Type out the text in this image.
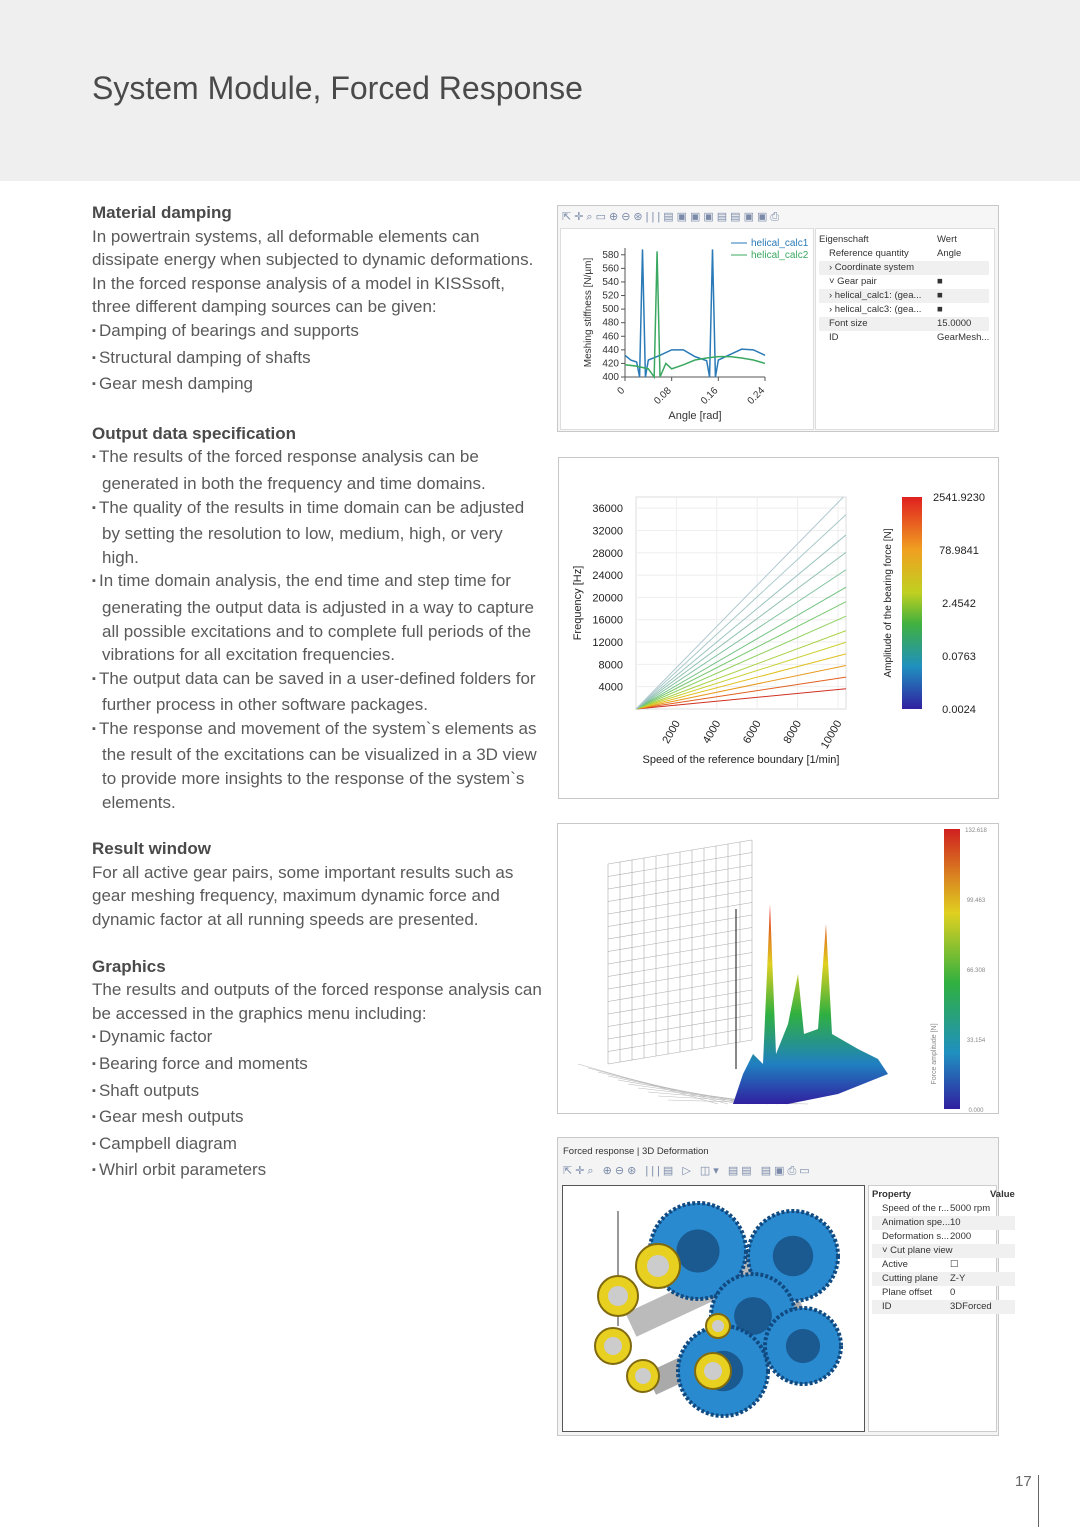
System Module, Forced Response
Material damping

In powertrain systems, all deformable elements can dissipate energy when subjected to dynamic deformations. In the forced response analysis of a model in KISSsoft, three different damping sources can be given:

▪ Damping of bearings and supports
▪ Structural damping of shafts
▪ Gear mesh damping
Output data specification
▪ The results of the forced response analysis can be generated in both the frequency and time domains.
▪ The quality of the results in time domain can be adjusted by setting the resolution to low, medium, high, or very high.
▪ In time domain analysis, the end time and step time for generating the output data is adjusted in a way to capture all possible excitations and to complete full periods of the vibrations for all excitation frequencies.
▪ The output data can be saved in a user-defined folders for further process in other software packages.
▪ The response and movement of the system`s elements as the result of the excitations can be visualized in a 3D view to provide more insights to the response of the system`s elements.
Result window

For all active gear pairs, some important results such as gear meshing frequency, maximum dynamic force and dynamic factor at all running speeds are presented.

Graphics

The results and outputs of the forced response analysis can be accessed in the graphics menu including:

▪ Dynamic factor
▪ Bearing force and moments
▪ Shaft outputs
▪ Gear mesh outputs
▪ Campbell diagram
▪ Whirl orbit parameters
⇱✛⌕▭⊕⊖⊛|||▤▣▣▣▤▤▣▣⎙
400
420
440
460
480
500
520
540
560
580
0	0.08	0.16	0.24
Angle [rad]
Meshing stiffness [N/µm]
helical_calc1
helical_calc2
Eigenschaft	Wert
Reference quantity	Angle
› Coordinate system
˅ Gear pair	■
› helical_calc1: (gea... ■
› helical_calc3: (gea... ■
Font size	15.0000
ID	GearMesh...
4000
8000
12000
16000
20000
24000
28000
32000
36000
2000 4000 6000 8000 10000
Speed of the reference boundary [1/min]
Frequency [Hz]
2541.9230
78.9841
2.4542
0.0763
0.0024
Amplitude of the bearing force [N]
132.618
99.463
66.308
33.154
0.000
Force amplitude [N]
Forced response | 3D Deformation
⇱✛⌕ ⊕⊖⊛ |||▤ ▷ ◫▾ ▤▤ ▤▣⎙▭
Property	Value
Speed of the r...5000 rpm
Animation spe...10
Deformation s...2000
˅ Cut plane view
Active	☐
Cutting plane Z-Y
Plane offset 0
ID	3DForced
17
